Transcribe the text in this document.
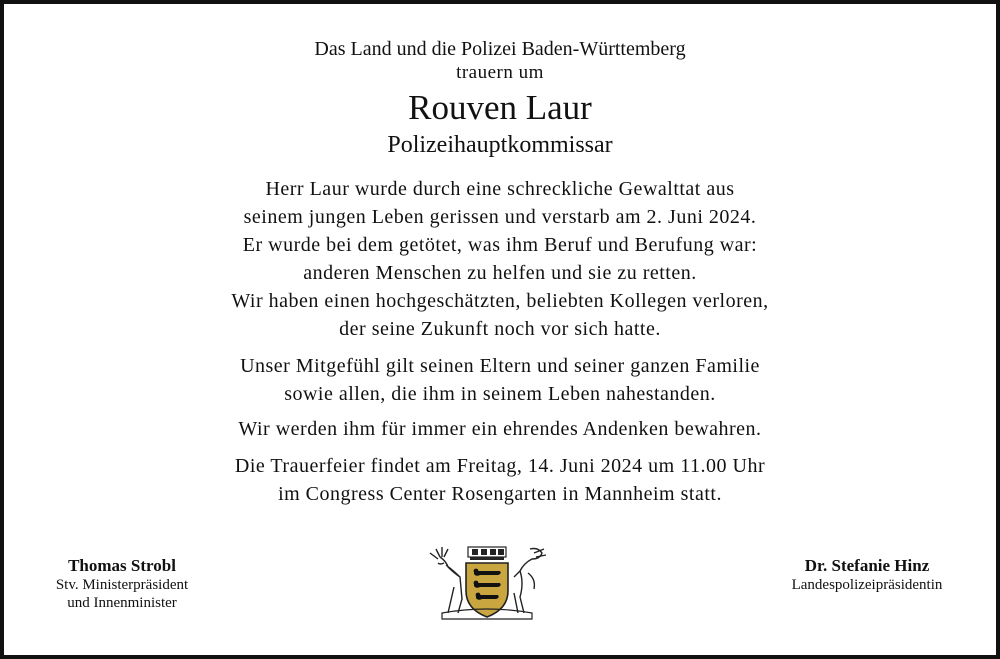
Das Land und die Polizei Baden-Württemberg
trauern um
Rouven Laur
Polizeihauptkommissar
Herr Laur wurde durch eine schreckliche Gewalttat aus
seinem jungen Leben gerissen und verstarb am 2. Juni 2024.
Er wurde bei dem getötet, was ihm Beruf und Berufung war:
anderen Menschen zu helfen und sie zu retten.
Wir haben einen hochgeschätzten, beliebten Kollegen verloren,
der seine Zukunft noch vor sich hatte.
Unser Mitgefühl gilt seinen Eltern und seiner ganzen Familie
sowie allen, die ihm in seinem Leben nahestanden.
Wir werden ihm für immer ein ehrendes Andenken bewahren.
Die Trauerfeier findet am Freitag, 14. Juni 2024 um 11.00 Uhr
im Congress Center Rosengarten in Mannheim statt.
Thomas Strobl
Stv. Ministerpräsident
und Innenminister
Dr. Stefanie Hinz
Landespolizeipräsidentin
